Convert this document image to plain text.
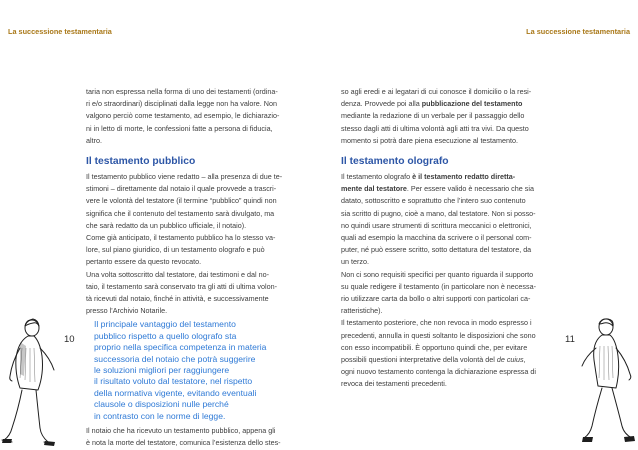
La successione testamentaria	La successione testamentaria
taria non espressa nella forma di uno dei testamenti (ordina-
ri e/o straordinari) disciplinati dalla legge non ha valore. Non
valgono perciò come testamento, ad esempio, le dichiarazio-
ni in letto di morte, le confessioni fatte a persona di fiducia,
altro.
Il testamento pubblico
Il testamento pubblico viene redatto – alla presenza di due te-
stimoni – direttamente dal notaio il quale provvede a trascri-
vere le volontà del testatore (il termine “pubblico” quindi non
significa che il contenuto del testamento sarà divulgato, ma
che sarà redatto da un pubblico ufficiale, il notaio).
Come già anticipato, il testamento pubblico ha lo stesso va-
lore, sul piano giuridico, di un testamento olografo e può
pertanto essere da questo revocato.
Una volta sottoscritto dal testatore, dai testimoni e dal no-
taio, il testamento sarà conservato tra gli atti di ultima volon-
tà ricevuti dal notaio, finché in attività, e successivamente
presso l’Archivio Notarile.
Il principale vantaggio del testamento
pubblico rispetto a quello olografo sta
proprio nella specifica competenza in materia
successoria del notaio che potrà suggerire
le soluzioni migliori per raggiungere
il risultato voluto dal testatore, nel rispetto
della normativa vigente, evitando eventuali
clausole o disposizioni nulle perché
in contrasto con le norme di legge.
Il notaio che ha ricevuto un testamento pubblico, appena gli
è nota la morte del testatore, comunica l’esistenza dello stes-
so agli eredi e ai legatari di cui conosce il domicilio o la resi-
denza. Provvede poi alla pubblicazione del testamento
mediante la redazione di un verbale per il passaggio dello
stesso dagli atti di ultima volontà agli atti tra vivi. Da questo
momento si potrà dare piena esecuzione al testamento.
Il testamento olografo
Il testamento olografo è il testamento redatto diretta-
mente dal testatore. Per essere valido è necessario che sia
datato, sottoscritto e soprattutto che l’intero suo contenuto
sia scritto di pugno, cioè a mano, dal testatore. Non si posso-
no quindi usare strumenti di scrittura meccanici o elettronici,
quali ad esempio la macchina da scrivere o il personal com-
puter, né può essere scritto, sotto dettatura del testatore, da
un terzo.
Non ci sono requisiti specifici per quanto riguarda il supporto
su quale redigere il testamento (in particolare non è necessa-
rio utilizzare carta da bollo o altri supporti con particolari ca-
ratteristiche).
Il testamento posteriore, che non revoca in modo espresso i
precedenti, annulla in questi soltanto le disposizioni che sono
con esso incompatibili. È opportuno quindi che, per evitare
possibili questioni interpretative della volontà del de cuius,
ogni nuovo testamento contenga la dichiarazione espressa di
revoca dei testamenti precedenti.
10	11
